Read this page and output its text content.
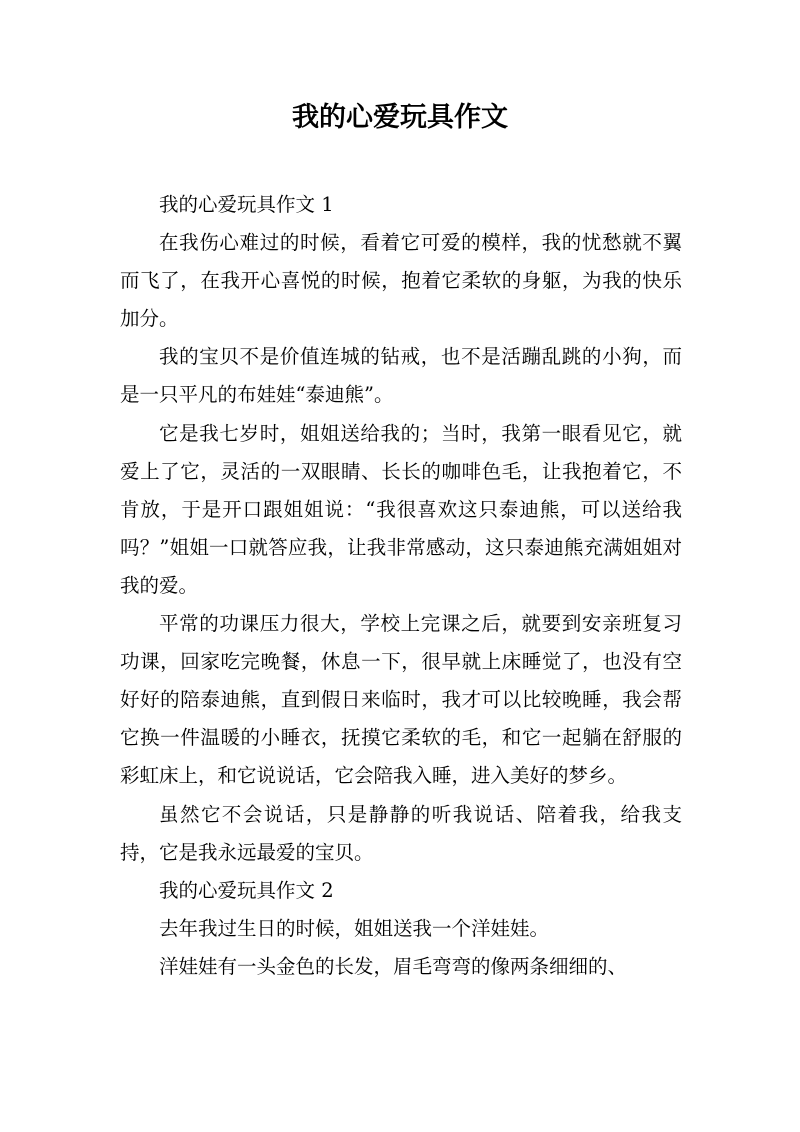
我的心爱玩具作文

我的心爱玩具作文 1

在我伤心难过的时候，看着它可爱的模样，我的忧愁就不翼而飞了，在我开心喜悦的时候，抱着它柔软的身躯，为我的快乐加分。

我的宝贝不是价值连城的钻戒，也不是活蹦乱跳的小狗，而是一只平凡的布娃娃“泰迪熊”。

它是我七岁时，姐姐送给我的；当时，我第一眼看见它，就爱上了它，灵活的一双眼睛、长长的咖啡色毛，让我抱着它，不肯放，于是开口跟姐姐说：“我很喜欢这只泰迪熊，可以送给我吗？”姐姐一口就答应我，让我非常感动，这只泰迪熊充满姐姐对我的爱。

平常的功课压力很大，学校上完课之后，就要到安亲班复习功课，回家吃完晚餐，休息一下，很早就上床睡觉了，也没有空好好的陪泰迪熊，直到假日来临时，我才可以比较晚睡，我会帮它换一件温暖的小睡衣，抚摸它柔软的毛，和它一起躺在舒服的彩虹床上，和它说说话，它会陪我入睡，进入美好的梦乡。

虽然它不会说话，只是静静的听我说话、陪着我，给我支持，它是我永远最爱的宝贝。

我的心爱玩具作文 2

去年我过生日的时候，姐姐送我一个洋娃娃。

洋娃娃有一头金色的长发，眉毛弯弯的像两条细细的、
